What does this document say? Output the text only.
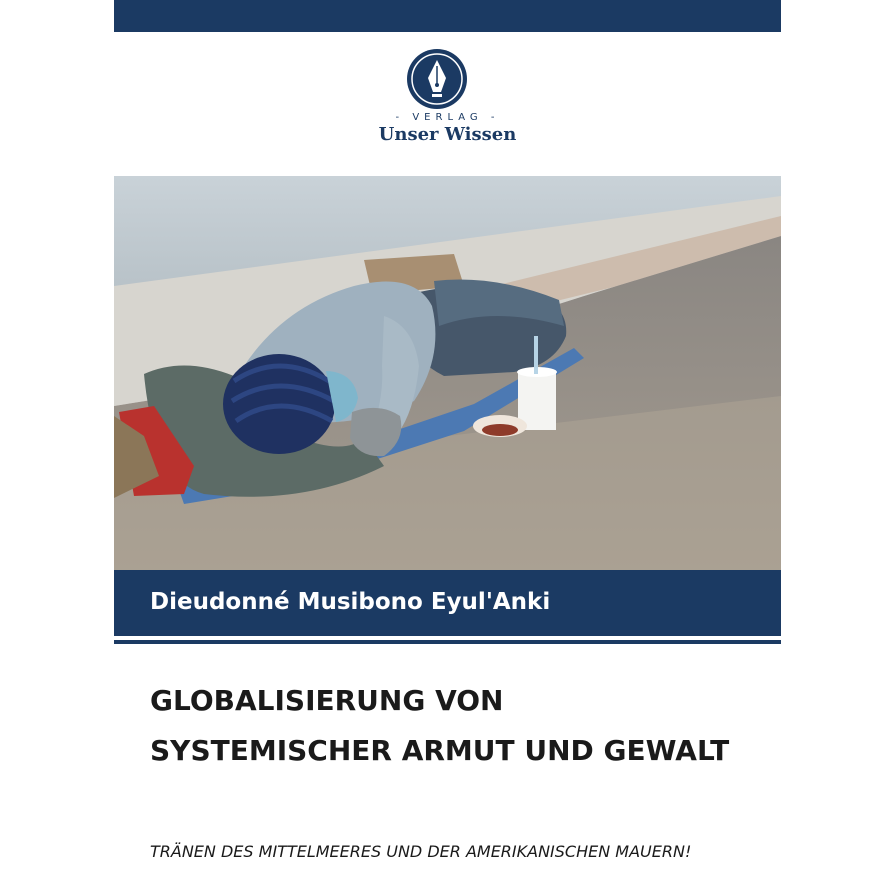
- VERLAG -
Unser Wissen
Dieudonné Musibono Eyul'Anki
GLOBALISIERUNG VON SYSTEMISCHER ARMUT UND GEWALT

TRÄNEN DES MITTELMEERES UND DER AMERIKANISCHEN MAUERN!
